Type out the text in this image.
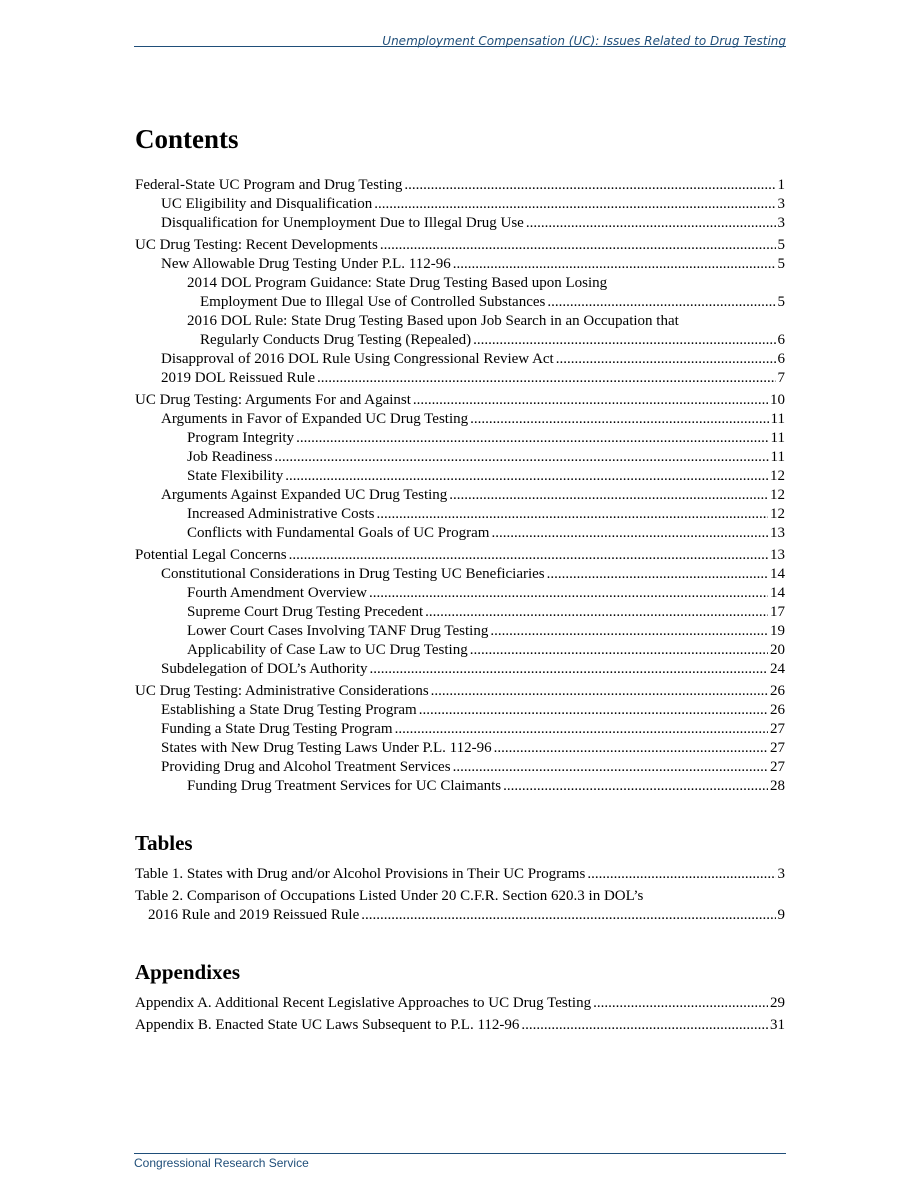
Unemployment Compensation (UC): Issues Related to Drug Testing
Contents
Federal-State UC Program and Drug Testing .....	1
UC Eligibility and Disqualification .....	3
Disqualification for Unemployment Due to Illegal Drug Use .....	3
UC Drug Testing: Recent Developments .....	5
New Allowable Drug Testing Under P.L. 112-96 .....	5
2014 DOL Program Guidance: State Drug Testing Based upon Losing
Employment Due to Illegal Use of Controlled Substances .....	5
2016 DOL Rule: State Drug Testing Based upon Job Search in an Occupation that
Regularly Conducts Drug Testing (Repealed) .....	6
Disapproval of 2016 DOL Rule Using Congressional Review Act .....	6
2019 DOL Reissued Rule .....	7
UC Drug Testing: Arguments For and Against .....	10
Arguments in Favor of Expanded UC Drug Testing .....	11
Program Integrity .....	11
Job Readiness .....	11
State Flexibility .....	12
Arguments Against Expanded UC Drug Testing .....	12
Increased Administrative Costs .....	12
Conflicts with Fundamental Goals of UC Program .....	13
Potential Legal Concerns .....	13
Constitutional Considerations in Drug Testing UC Beneficiaries .....	14
Fourth Amendment Overview .....	14
Supreme Court Drug Testing Precedent .....	17
Lower Court Cases Involving TANF Drug Testing .....	19
Applicability of Case Law to UC Drug Testing .....	20
Subdelegation of DOL’s Authority .....	24
UC Drug Testing: Administrative Considerations .....	26
Establishing a State Drug Testing Program .....	26
Funding a State Drug Testing Program .....	27
States with New Drug Testing Laws Under P.L. 112-96 .....	27
Providing Drug and Alcohol Treatment Services .....	27
Funding Drug Treatment Services for UC Claimants .....	28
Tables
Table 1. States with Drug and/or Alcohol Provisions in Their UC Programs .....	3
Table 2. Comparison of Occupations Listed Under 20 C.F.R. Section 620.3 in DOL’s
2016 Rule and 2019 Reissued Rule .....	9
Appendixes
Appendix A. Additional Recent Legislative Approaches to UC Drug Testing .....	29
Appendix B. Enacted State UC Laws Subsequent to P.L. 112-96 .....	31
Congressional Research Service
